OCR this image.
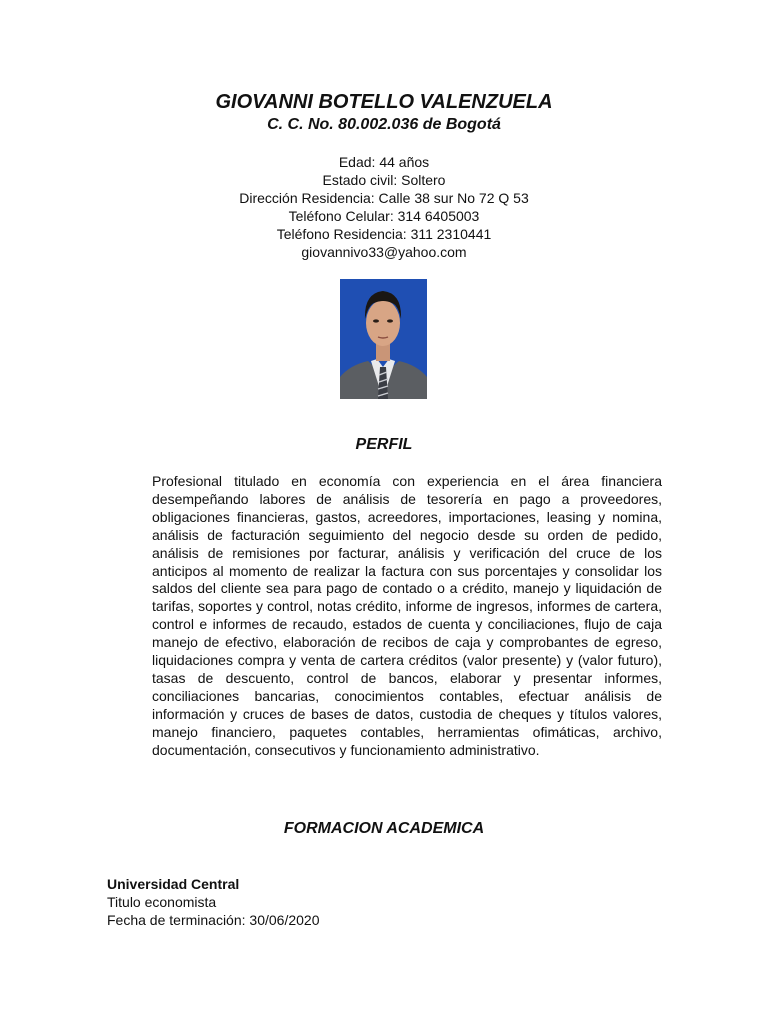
GIOVANNI BOTELLO VALENZUELA
C. C. No. 80.002.036 de Bogotá
Edad: 44 años
Estado civil: Soltero
Dirección Residencia: Calle 38 sur No 72 Q 53
Teléfono Celular: 314 6405003
Teléfono Residencia: 311 2310441
giovannivo33@yahoo.com
PERFIL

Profesional titulado en economía con experiencia en el área financiera desempeñando labores de análisis de tesorería en pago a proveedores, obligaciones financieras, gastos, acreedores, importaciones, leasing y nomina, análisis de facturación seguimiento del negocio desde su orden de pedido, análisis de remisiones por facturar, análisis y verificación del cruce de los anticipos al momento de realizar la factura con sus porcentajes y consolidar los saldos del cliente sea para pago de contado o a crédito, manejo y liquidación de tarifas, soportes y control, notas crédito, informe de ingresos, informes de cartera, control e informes de recaudo, estados de cuenta y conciliaciones, flujo de caja manejo de efectivo, elaboración de recibos de caja y comprobantes de egreso, liquidaciones compra y venta de cartera créditos (valor presente) y (valor futuro), tasas de descuento, control de bancos, elaborar y presentar informes, conciliaciones bancarias, conocimientos contables, efectuar análisis de información y cruces de bases de datos, custodia de cheques y títulos valores, manejo financiero, paquetes contables, herramientas ofimáticas, archivo, documentación, consecutivos y funcionamiento administrativo.

FORMACION ACADEMICA
Universidad Central
Titulo economista
Fecha de terminación: 30/06/2020
